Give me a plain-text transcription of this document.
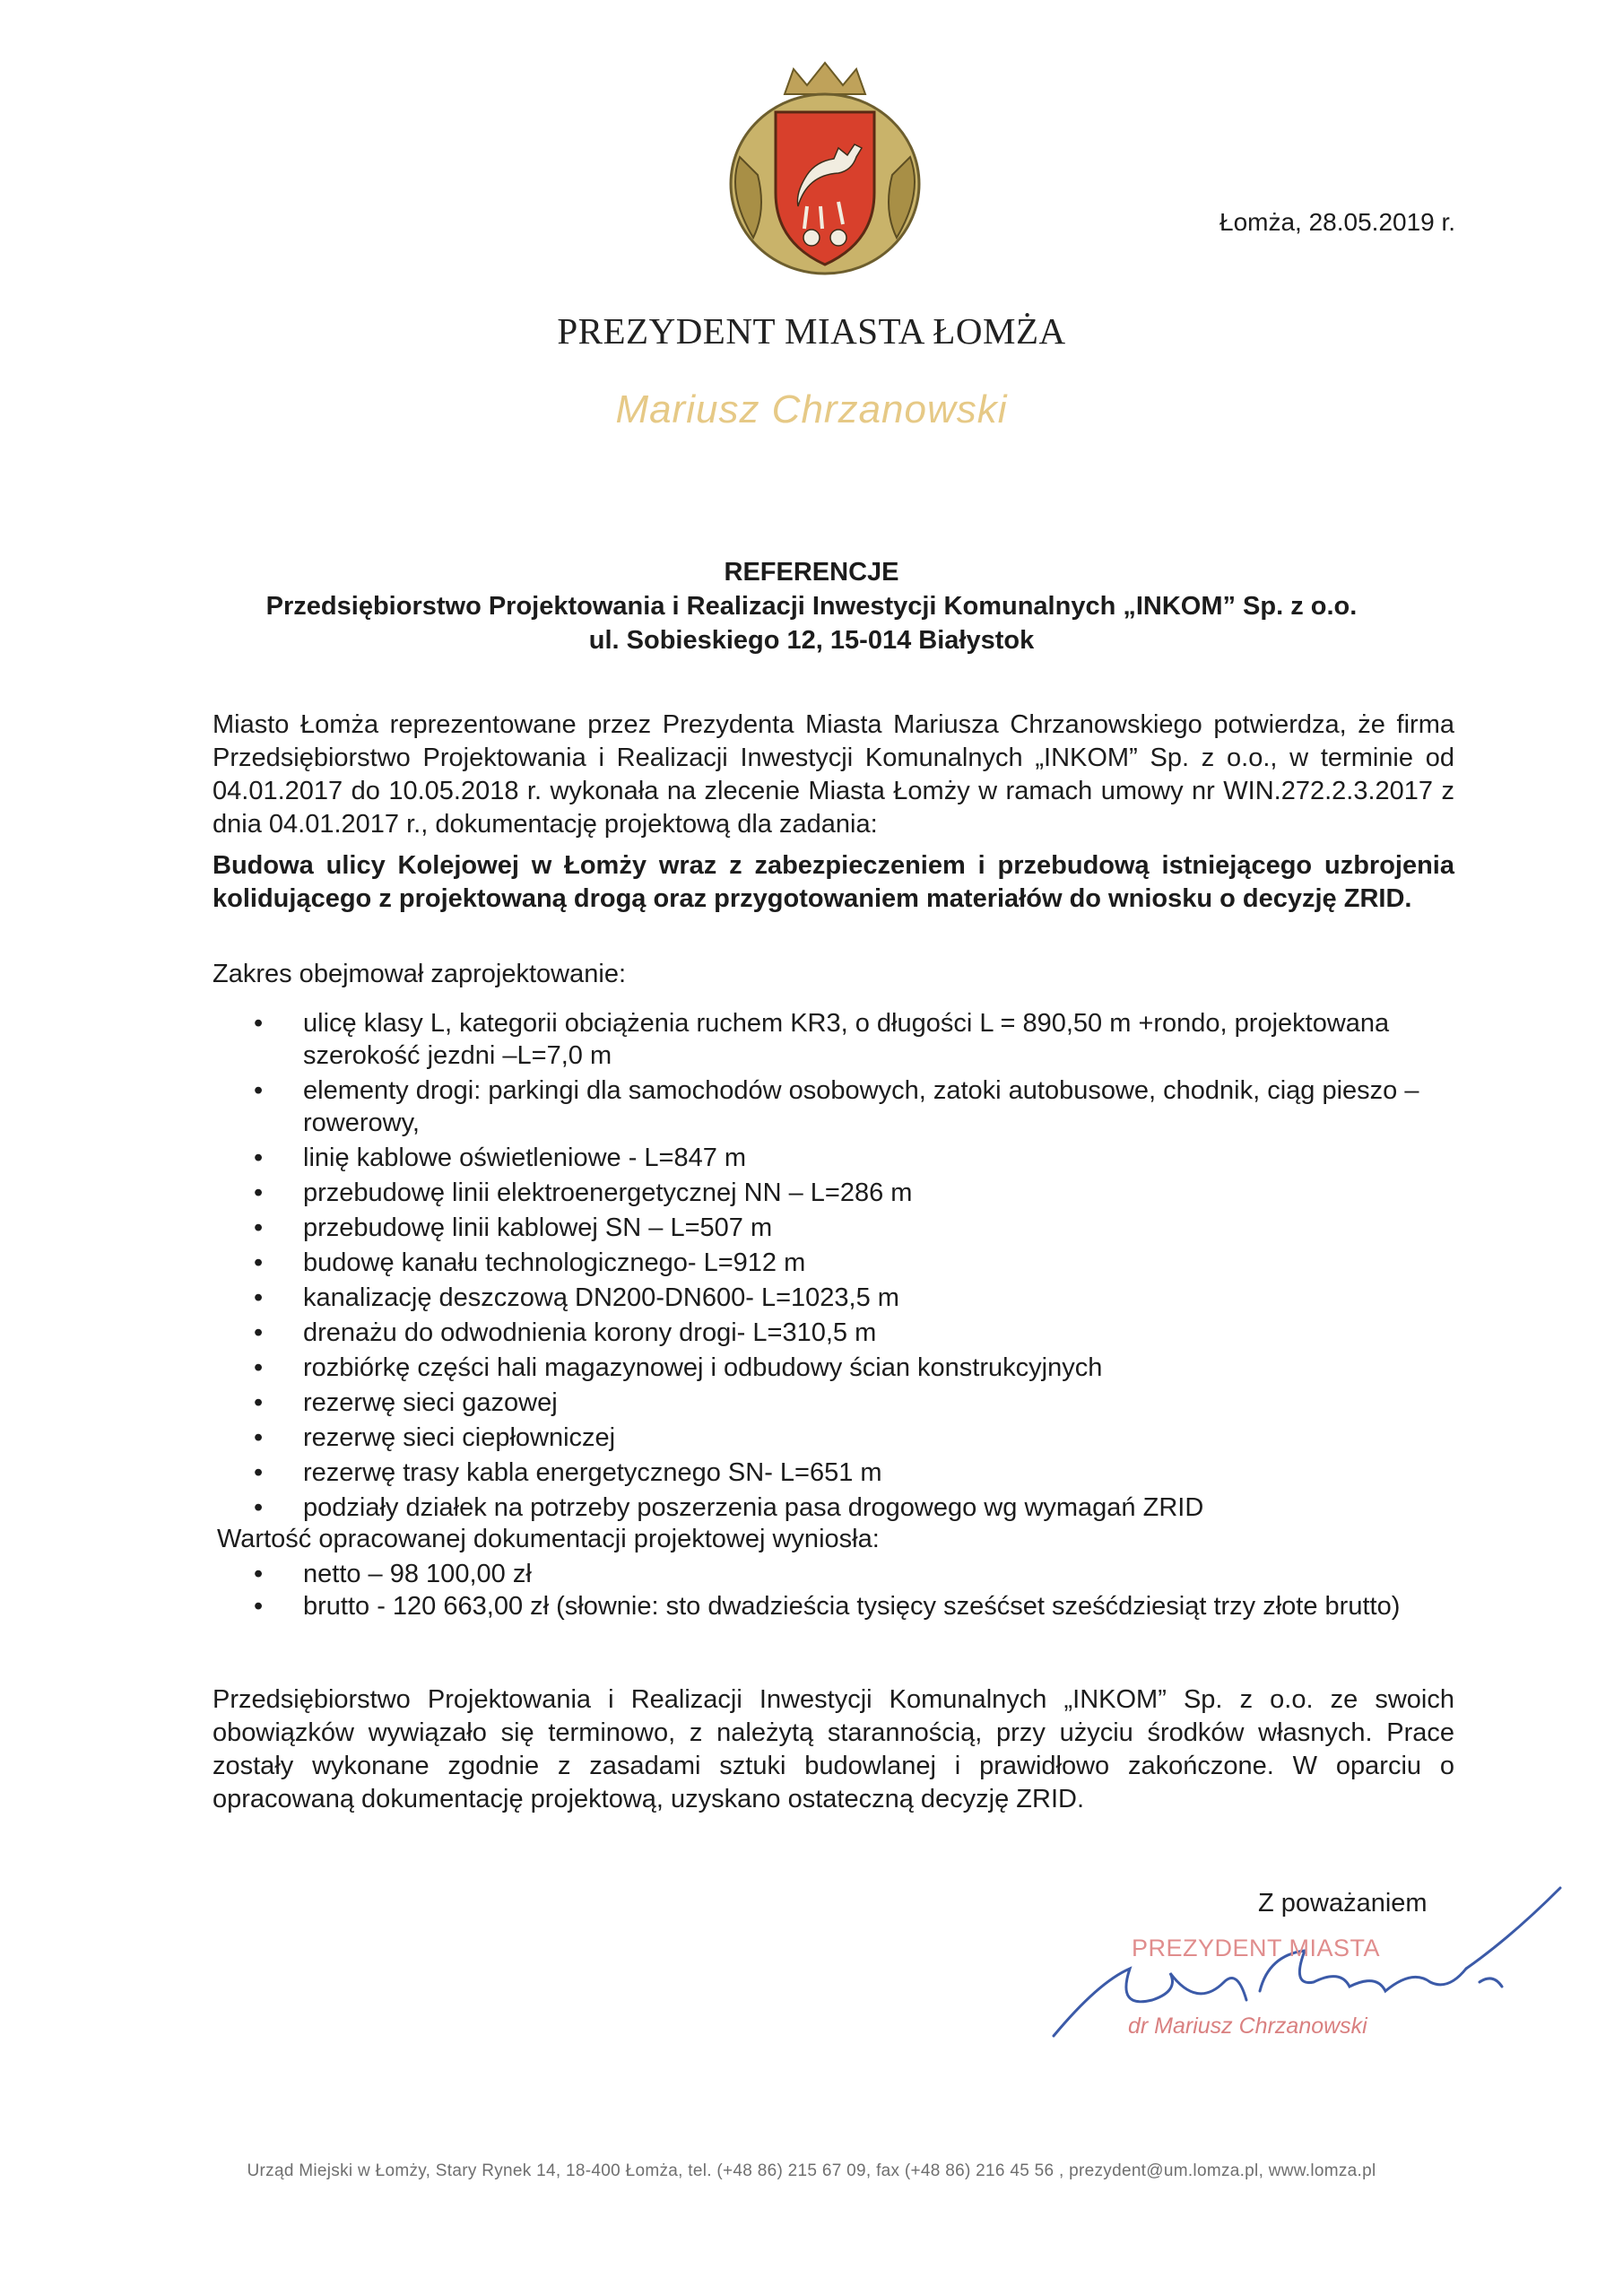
Łomża, 28.05.2019 r.
PREZYDENT MIASTA ŁOMŻA
Mariusz Chrzanowski
REFERENCJE
Przedsiębiorstwo Projektowania i Realizacji Inwestycji Komunalnych „INKOM” Sp. z o.o.
ul. Sobieskiego 12, 15-014 Białystok
Miasto Łomża reprezentowane przez Prezydenta Miasta Mariusza Chrzanowskiego potwierdza, że firma Przedsiębiorstwo Projektowania i Realizacji Inwestycji Komunalnych „INKOM” Sp. z o.o., w terminie od 04.01.2017 do 10.05.2018 r. wykonała na zlecenie Miasta Łomży w ramach umowy nr WIN.272.2.3.2017 z dnia 04.01.2017 r., dokumentację projektową dla zadania:
Budowa ulicy Kolejowej w Łomży wraz z zabezpieczeniem i przebudową istniejącego uzbrojenia kolidującego z projektowaną drogą oraz przygotowaniem materiałów do wniosku o decyzję ZRID.
Zakres obejmował zaprojektowanie:
• ulicę klasy L, kategorii obciążenia ruchem KR3, o długości L = 890,50 m +rondo, projektowana szerokość jezdni –L=7,0 m
• elementy drogi: parkingi dla samochodów osobowych, zatoki autobusowe, chodnik, ciąg pieszo – rowerowy,
• linię kablowe oświetleniowe - L=847 m
• przebudowę linii elektroenergetycznej NN – L=286 m
• przebudowę linii kablowej SN – L=507 m
• budowę kanału technologicznego- L=912 m
• kanalizację deszczową DN200-DN600- L=1023,5 m
• drenażu do odwodnienia korony drogi- L=310,5 m
• rozbiórkę części hali magazynowej i odbudowy ścian konstrukcyjnych
• rezerwę sieci gazowej
• rezerwę sieci ciepłowniczej
• rezerwę trasy kabla energetycznego SN- L=651 m
• podziały działek na potrzeby poszerzenia pasa drogowego wg wymagań ZRID
Wartość opracowanej dokumentacji projektowej wyniosła:
• netto – 98 100,00 zł
• brutto - 120 663,00 zł (słownie: sto dwadzieścia tysięcy sześćset sześćdziesiąt trzy złote brutto)
Przedsiębiorstwo Projektowania i Realizacji Inwestycji Komunalnych „INKOM” Sp. z o.o. ze swoich obowiązków wywiązało się terminowo, z należytą starannością, przy użyciu środków własnych. Prace zostały wykonane zgodnie z zasadami sztuki budowlanej i prawidłowo zakończone. W oparciu o opracowaną dokumentację projektową, uzyskano ostateczną decyzję ZRID.
Z poważaniem
PREZYDENT MIASTA
dr Mariusz Chrzanowski
Urząd Miejski w Łomży, Stary Rynek 14, 18-400 Łomża, tel. (+48 86) 215 67 09, fax (+48 86) 216 45 56 , prezydent@um.lomza.pl, www.lomza.pl
